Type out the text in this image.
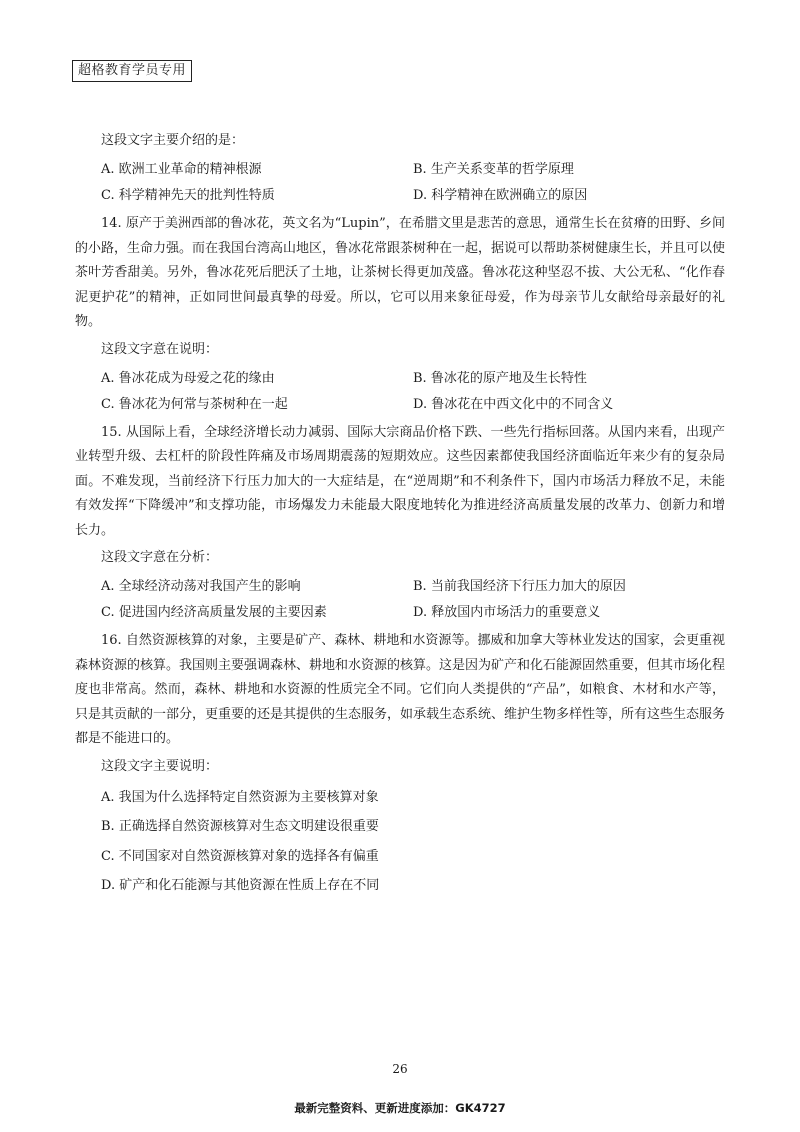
超格教育学员专用
这段文字主要介绍的是：
A. 欧洲工业革命的精神根源	B. 生产关系变革的哲学原理
C. 科学精神先天的批判性特质	D. 科学精神在欧洲确立的原因

14. 原产于美洲西部的鲁冰花，英文名为“Lupin”，在希腊文里是悲苦的意思，通常生长在贫瘠的田野、乡间的小路，生命力强。而在我国台湾高山地区，鲁冰花常跟茶树种在一起，据说可以帮助茶树健康生长，并且可以使茶叶芳香甜美。另外，鲁冰花死后肥沃了土地，让茶树长得更加茂盛。鲁冰花这种坚忍不拔、大公无私、“化作春泥更护花”的精神，正如同世间最真挚的母爱。所以，它可以用来象征母爱，作为母亲节儿女献给母亲最好的礼物。

这段文字意在说明：
A. 鲁冰花成为母爱之花的缘由	B. 鲁冰花的原产地及生长特性
C. 鲁冰花为何常与茶树种在一起	D. 鲁冰花在中西文化中的不同含义

15. 从国际上看，全球经济增长动力减弱、国际大宗商品价格下跌、一些先行指标回落。从国内来看，出现产业转型升级、去杠杆的阶段性阵痛及市场周期震荡的短期效应。这些因素都使我国经济面临近年来少有的复杂局面。不难发现，当前经济下行压力加大的一大症结是，在“逆周期”和不利条件下，国内市场活力释放不足，未能有效发挥“下降缓冲”和支撑功能，市场爆发力未能最大限度地转化为推进经济高质量发展的改革力、创新力和增长力。

这段文字意在分析：
A. 全球经济动荡对我国产生的影响	B. 当前我国经济下行压力加大的原因
C. 促进国内经济高质量发展的主要因素	D. 释放国内市场活力的重要意义

16. 自然资源核算的对象，主要是矿产、森林、耕地和水资源等。挪威和加拿大等林业发达的国家，会更重视森林资源的核算。我国则主要强调森林、耕地和水资源的核算。这是因为矿产和化石能源固然重要，但其市场化程度也非常高。然而，森林、耕地和水资源的性质完全不同。它们向人类提供的“产品”，如粮食、木材和水产等，只是其贡献的一部分，更重要的还是其提供的生态服务，如承载生态系统、维护生物多样性等，所有这些生态服务都是不能进口的。

这段文字主要说明：
A. 我国为什么选择特定自然资源为主要核算对象
B. 正确选择自然资源核算对生态文明建设很重要
C. 不同国家对自然资源核算对象的选择各有偏重
D. 矿产和化石能源与其他资源在性质上存在不同
26
最新完整资料、更新进度添加：GK4727
